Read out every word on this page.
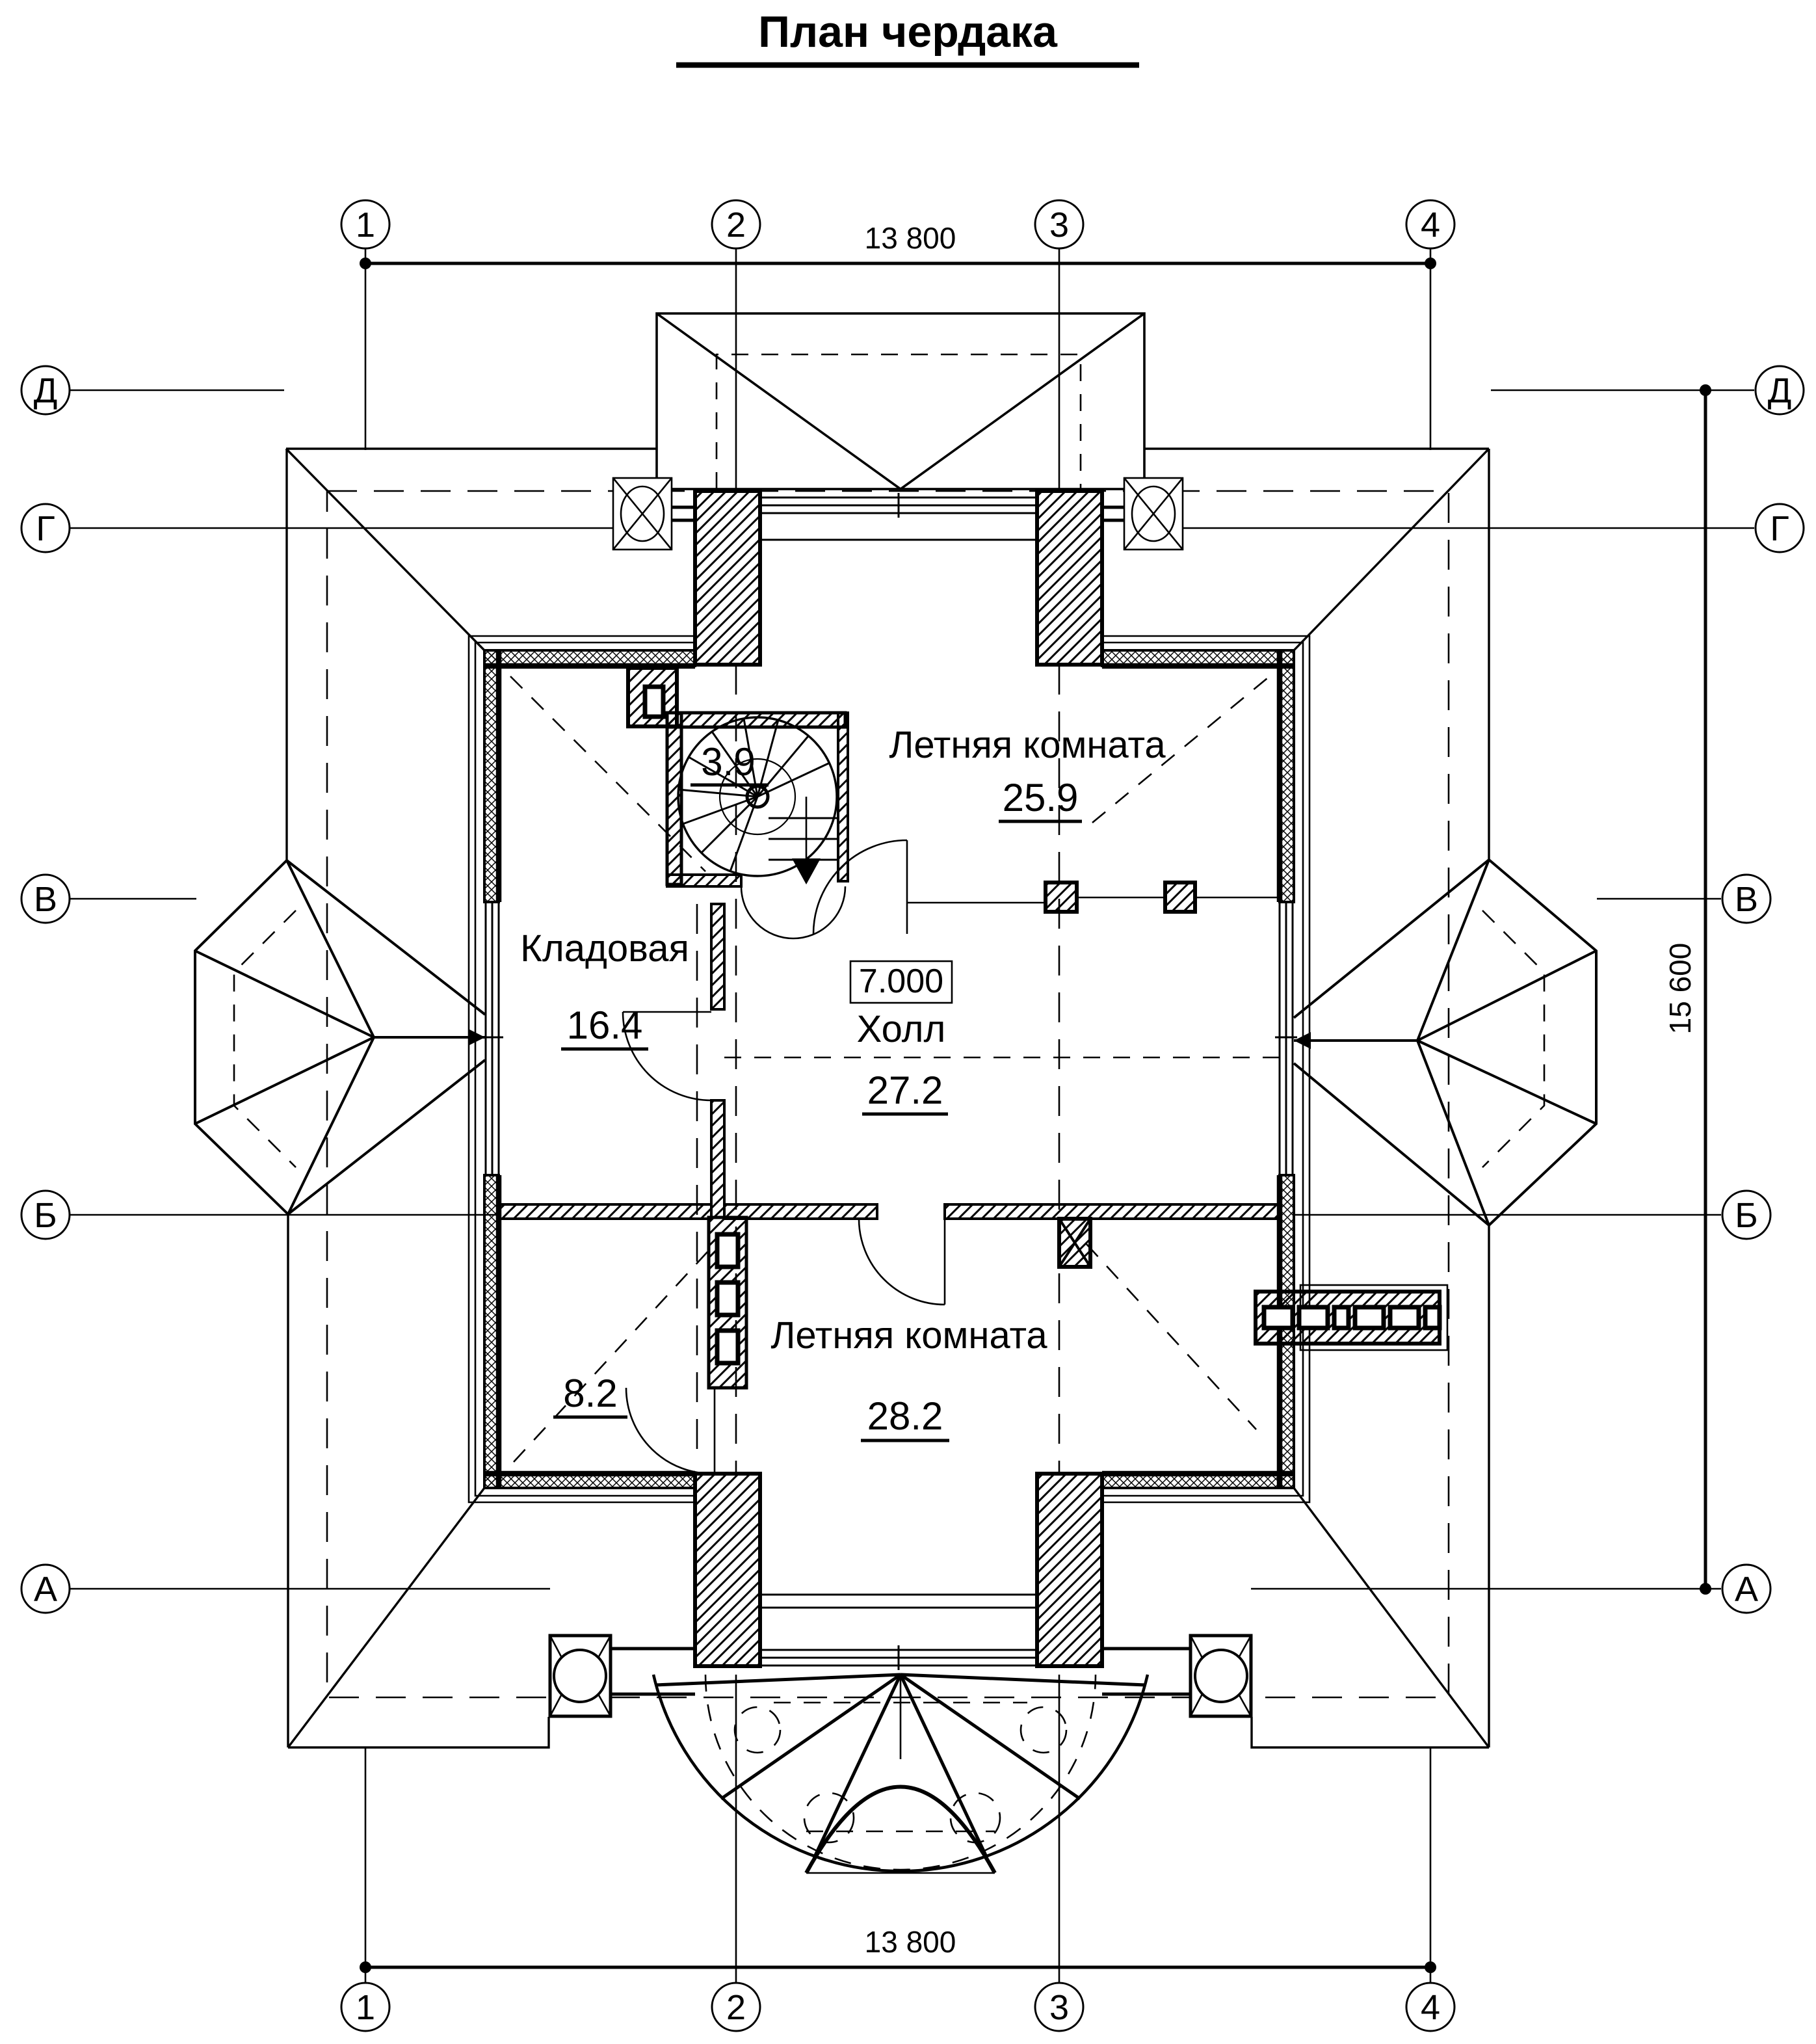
План чердака
13 800
13 800
15 600
1	2	3	4
1	2	3	4
Д
Г
В
Б
А
Д
Г
В
Б
А
Летняя комната
25.9
Кладовая
16.4
7.000
Холл
27.2
Летняя комната
28.2
8.2
3.9
